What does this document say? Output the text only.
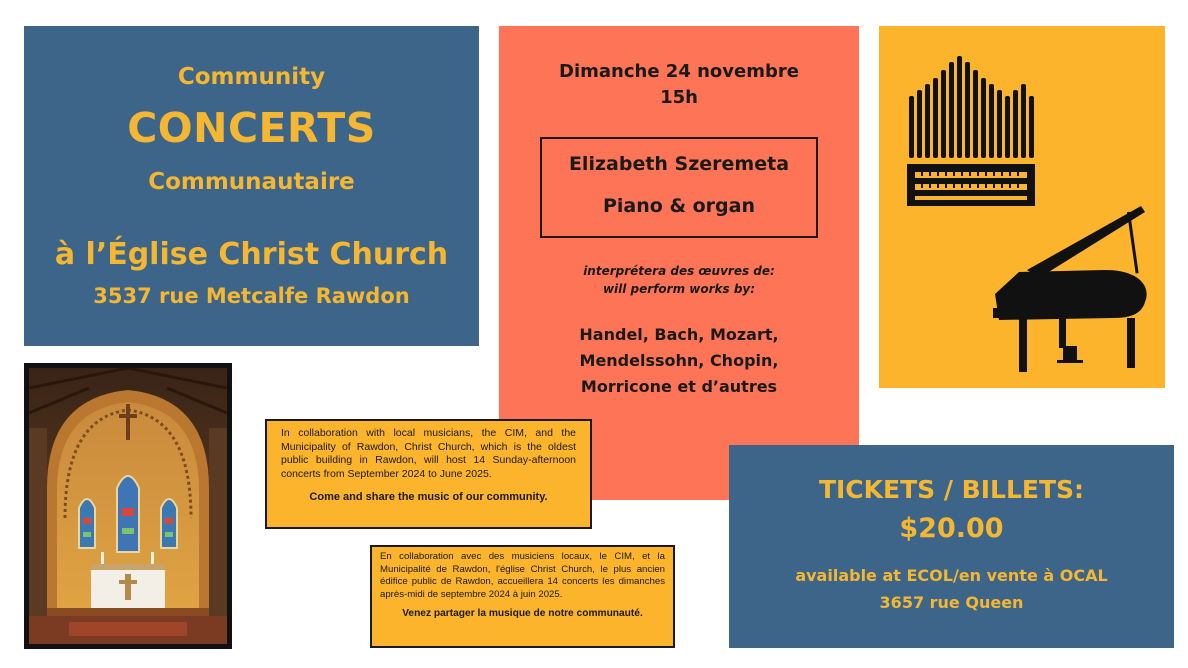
Community
CONCERTS
Communautaire
à l’Église Christ Church
3537 rue Metcalfe Rawdon
Dimanche 24 novembre
15h
Elizabeth Szeremeta
Piano & organ
interprétera des œuvres de:
will perform works by:
Handel, Bach, Mozart,
Mendelssohn, Chopin,
Morricone et d’autres
In collaboration with local musicians, the CIM, and the Municipality of Rawdon, Christ Church, which is the oldest public building in Rawdon, will host 14 Sunday-afternoon concerts from September 2024 to June 2025.
Come and share the music of our community.
En collaboration avec des musiciens locaux, le CIM, et la Municipalité de Rawdon, l'église Christ Church, le plus ancien édifice public de Rawdon, accueillera 14 concerts les dimanches après-midi de septembre 2024 à juin 2025.
Venez partager la musique de notre communauté.
TICKETS / BILLETS:
$20.00
available at ECOL/en vente à OCAL
3657 rue Queen
